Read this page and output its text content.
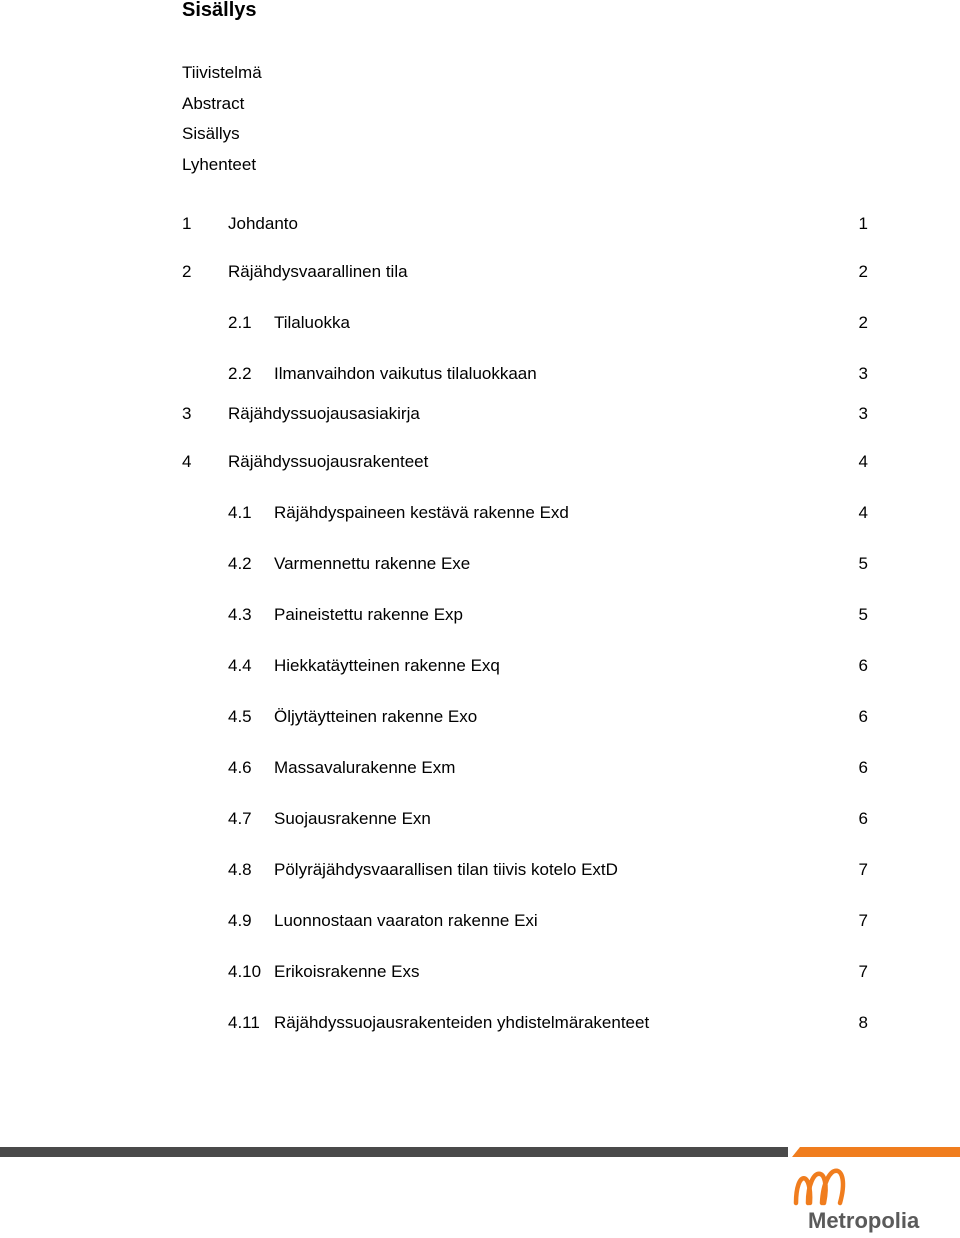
Sisällys
Tiivistelmä
Abstract
Sisällys
Lyhenteet
1 Johdanto	1
2 Räjähdysvaarallinen tila	2
2.1 Tilaluokka	2
2.2 Ilmanvaihdon vaikutus tilaluokkaan	3
3 Räjähdyssuojausasiakirja	3
4 Räjähdyssuojausrakenteet	4
4.1 Räjähdyspaineen kestävä rakenne Exd	4
4.2 Varmennettu rakenne Exe	5
4.3 Paineistettu rakenne Exp	5
4.4 Hiekkatäytteinen rakenne Exq	6
4.5 Öljytäytteinen rakenne Exo	6
4.6 Massavalurakenne Exm	6
4.7 Suojausrakenne Exn	6
4.8 Pölyräjähdysvaarallisen tilan tiivis kotelo ExtD	7
4.9 Luonnostaan vaaraton rakenne Exi	7
4.10 Erikoisrakenne Exs	7
4.11 Räjähdyssuojausrakenteiden yhdistelmärakenteet	8
Metropolia
